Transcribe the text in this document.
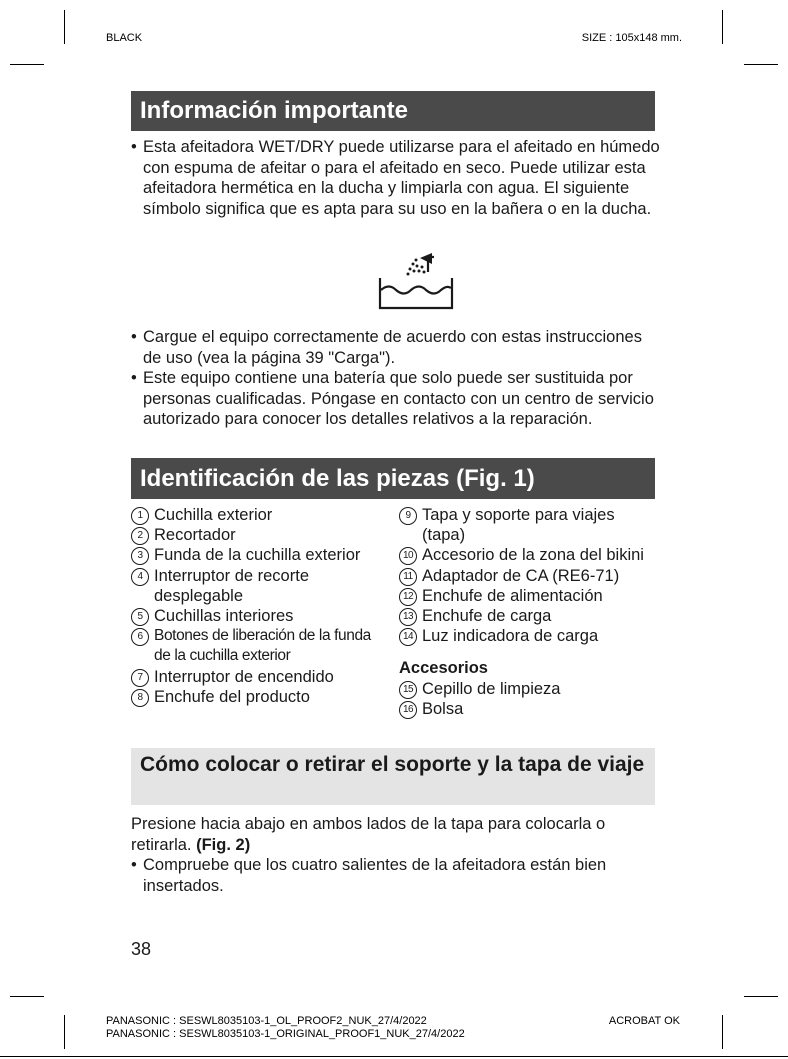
BLACK	SIZE : 105x148 mm.
Información importante
• Esta afeitadora WET/DRY puede utilizarse para el afeitado en húmedo con espuma de afeitar o para el afeitado en seco. Puede utilizar esta afeitadora hermética en la ducha y limpiarla con agua. El siguiente símbolo significa que es apta para su uso en la bañera o en la ducha.
• Cargue el equipo correctamente de acuerdo con estas instrucciones de uso (vea la página 39 "Carga").
• Este equipo contiene una batería que solo puede ser sustituida por personas cualificadas. Póngase en contacto con un centro de servicio autorizado para conocer los detalles relativos a la reparación.
Identificación de las piezas (Fig. 1)
1 Cuchilla exterior
2 Recortador
3 Funda de la cuchilla exterior
4 Interruptor de recorte desplegable
5 Cuchillas interiores
6 Botones de liberación de la funda de la cuchilla exterior
7 Interruptor de encendido
8 Enchufe del producto
9 Tapa y soporte para viajes (tapa)
10 Accesorio de la zona del bikini
11 Adaptador de CA (RE6-71)
12 Enchufe de alimentación
13 Enchufe de carga
14 Luz indicadora de carga
Accesorios
15 Cepillo de limpieza
16 Bolsa
Cómo colocar o retirar el soporte y la tapa de viaje
Presione hacia abajo en ambos lados de la tapa para colocarla o retirarla. (Fig. 2)
• Compruebe que los cuatro salientes de la afeitadora están bien insertados.
38
PANASONIC : SESWL8035103-1_OL_PROOF2_NUK_27/4/2022
PANASONIC : SESWL8035103-1_ORIGINAL_PROOF1_NUK_27/4/2022
ACROBAT OK
